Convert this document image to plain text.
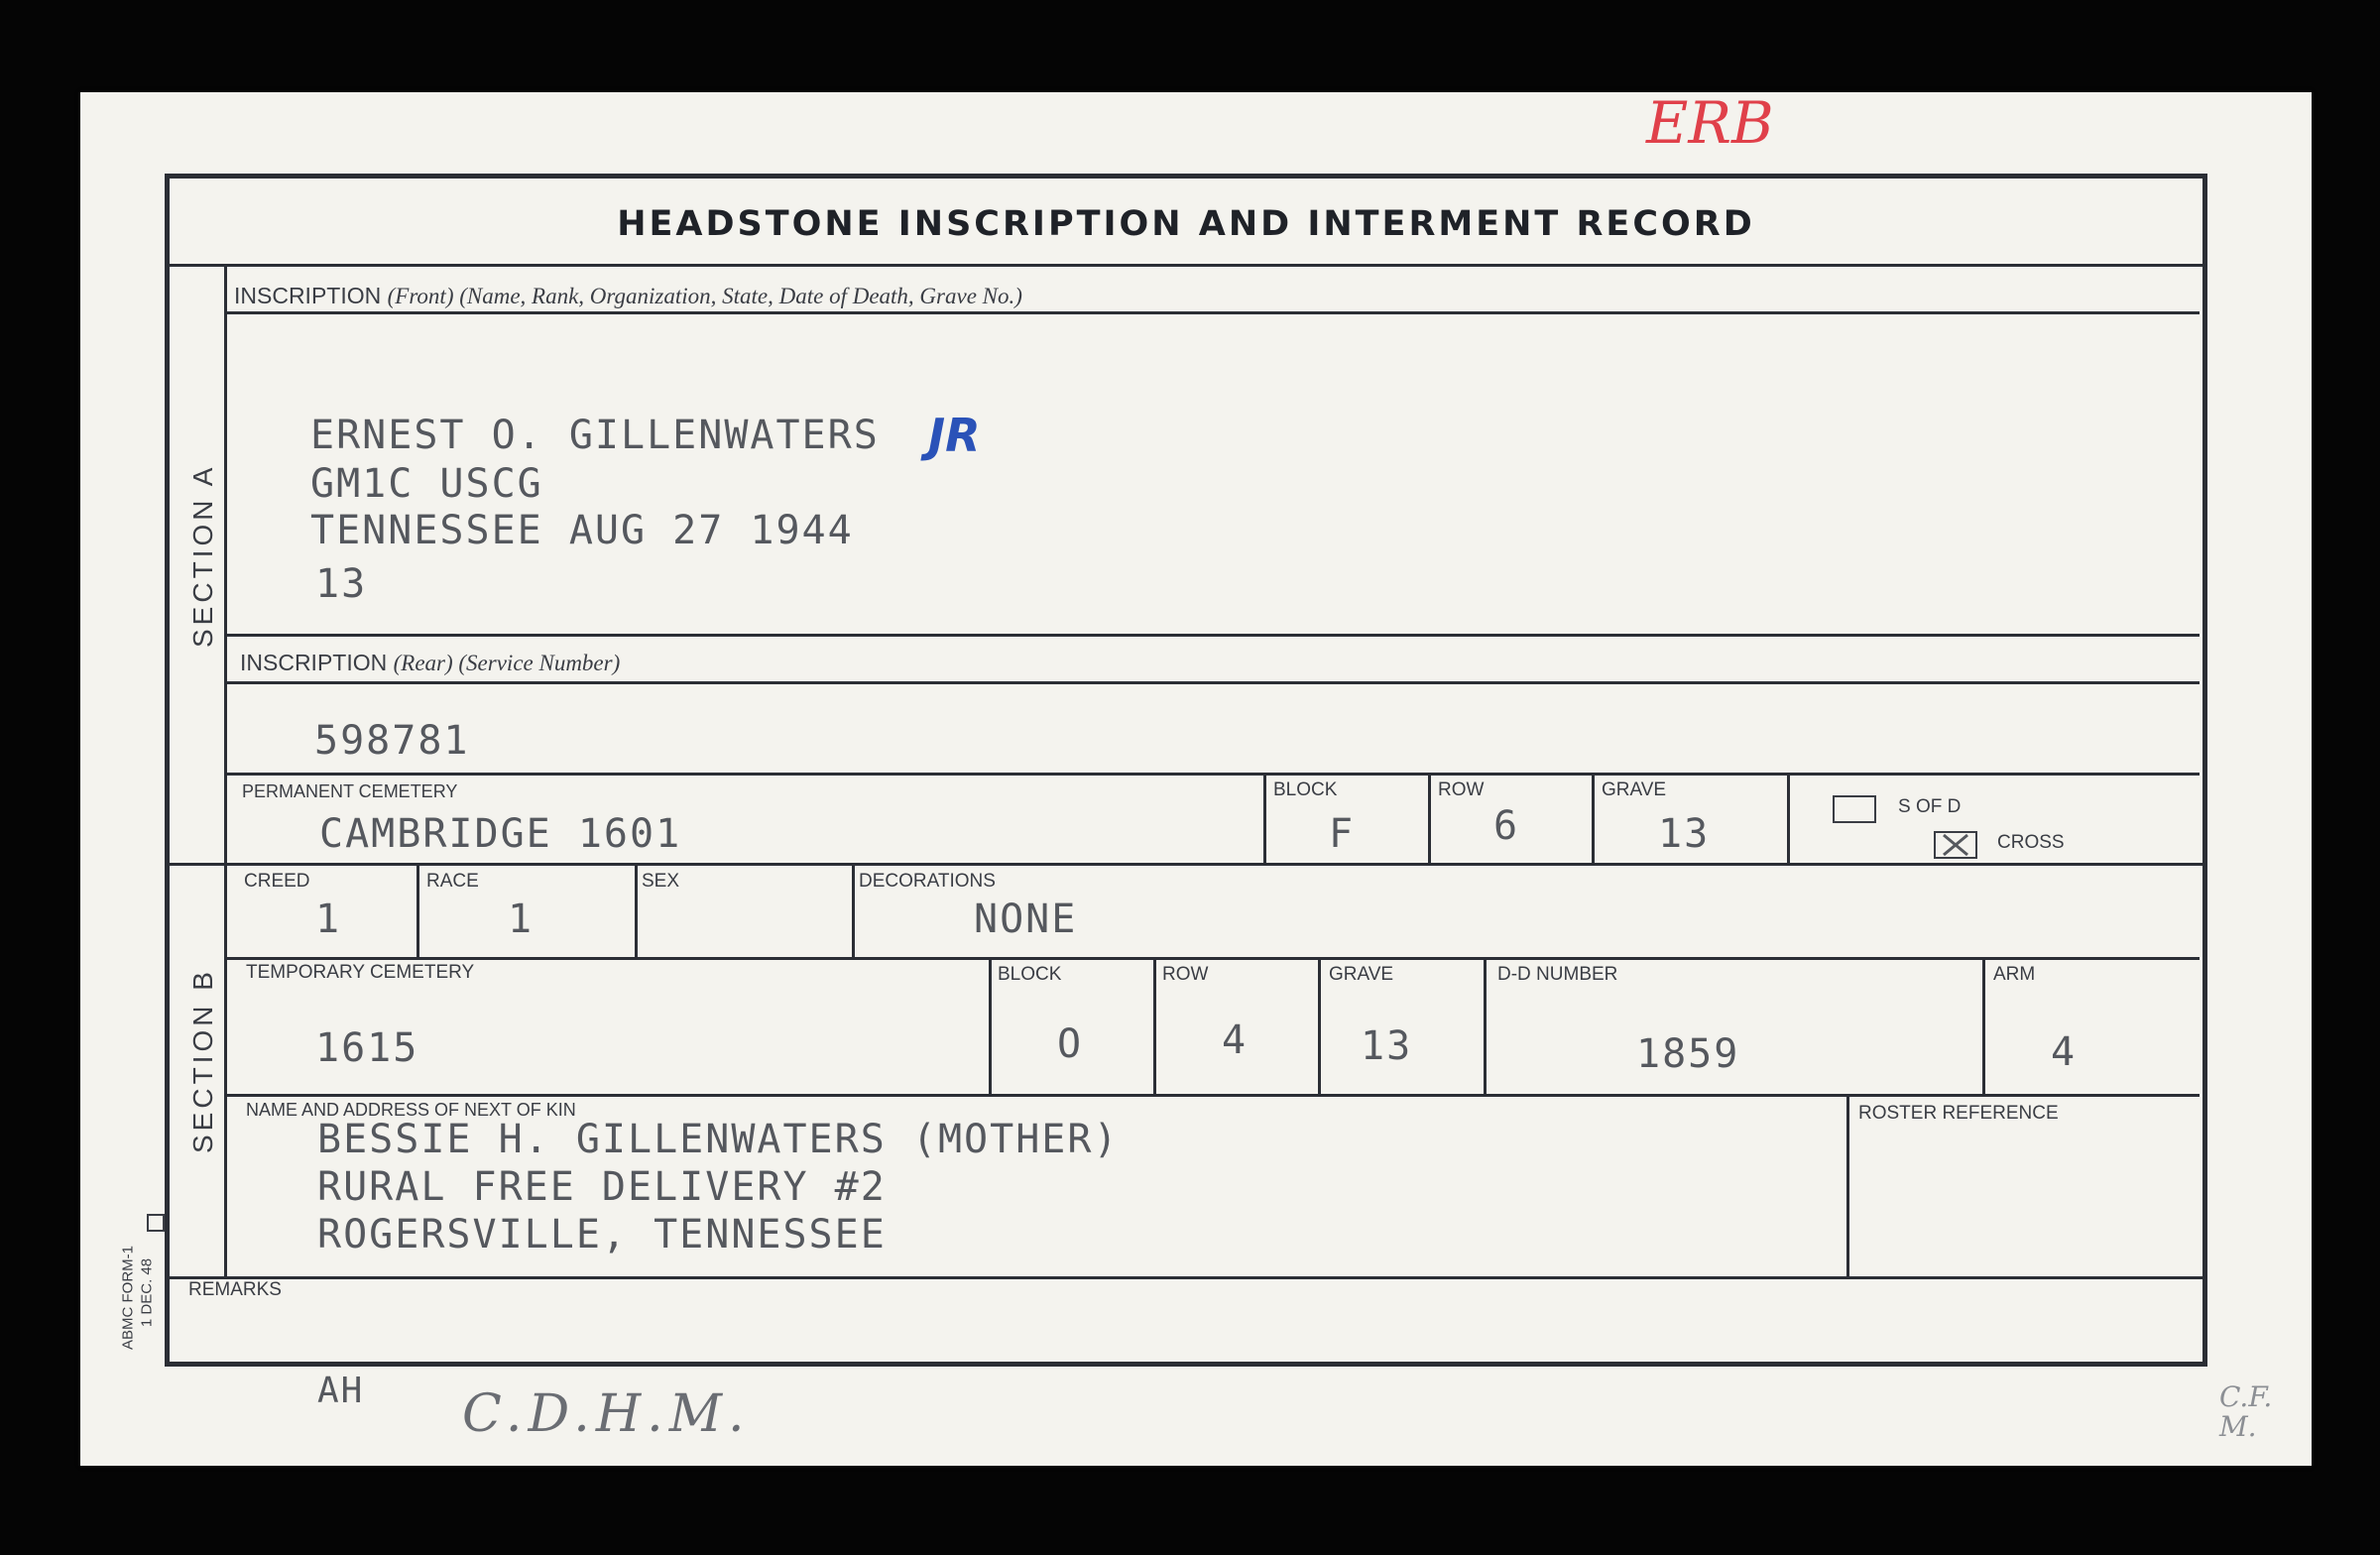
ERB
HEADSTONE INSCRIPTION AND INTERMENT RECORD
SECTION A
SECTION B
ABMC FORM-1 1 DEC. 48
INSCRIPTION (Front) (Name, Rank, Organization, State, Date of Death, Grave No.)
ERNEST O. GILLENWATERS JR
GM1C USCG
TENNESSEE AUG 27 1944
13
INSCRIPTION (Rear) (Service Number)
598781
PERMANENT CEMETERY
CAMBRIDGE 1601
BLOCK
F
ROW
6
GRAVE
13
S OF D
CROSS
CREED
1
RACE
1
SEX	DECORATIONS
NONE
TEMPORARY CEMETERY
1615
BLOCK
O
ROW
4
GRAVE
13
D-D NUMBER
1859
ARM
4
NAME AND ADDRESS OF NEXT OF KIN
BESSIE H. GILLENWATERS (MOTHER)
RURAL FREE DELIVERY #2
ROGERSVILLE, TENNESSEE
ROSTER REFERENCE
REMARKS
AH C.D.H.M.	C.F.M.
